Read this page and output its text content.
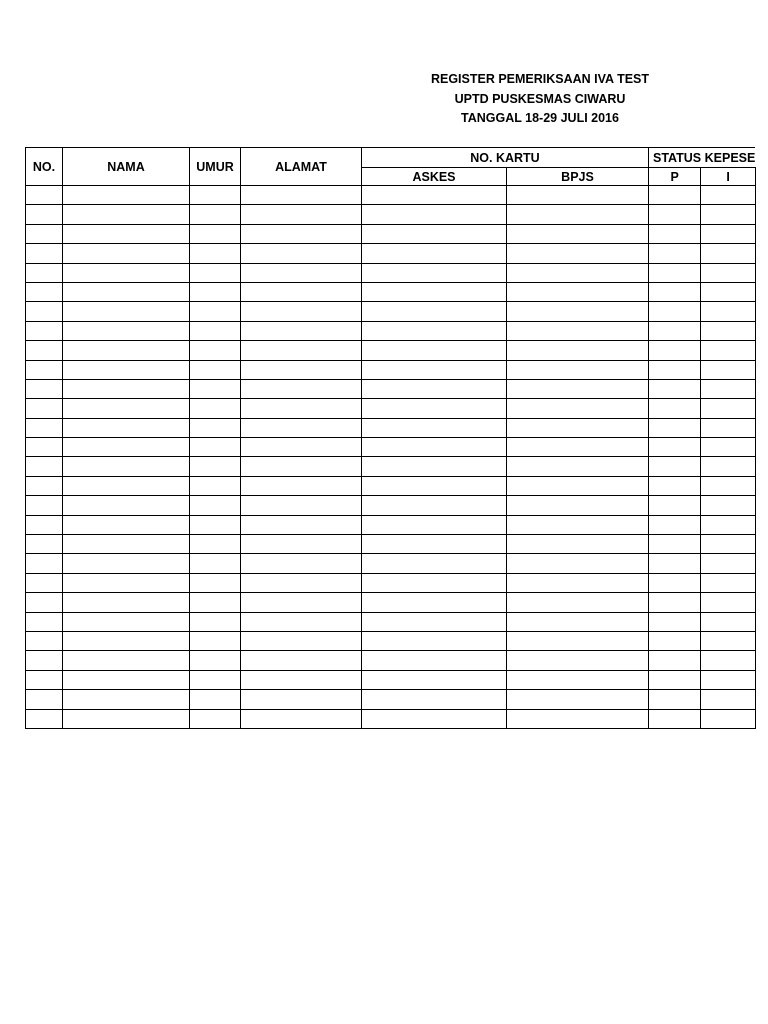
REGISTER PEMERIKSAAN IVA TEST
UPTD PUSKESMAS CIWARU
TANGGAL 18-29 JULI 2016
NO.	NAMA	UMUR	ALAMAT	NO. KARTU		STATUS KEPESE	
				ASKES	BPJS	P	I
